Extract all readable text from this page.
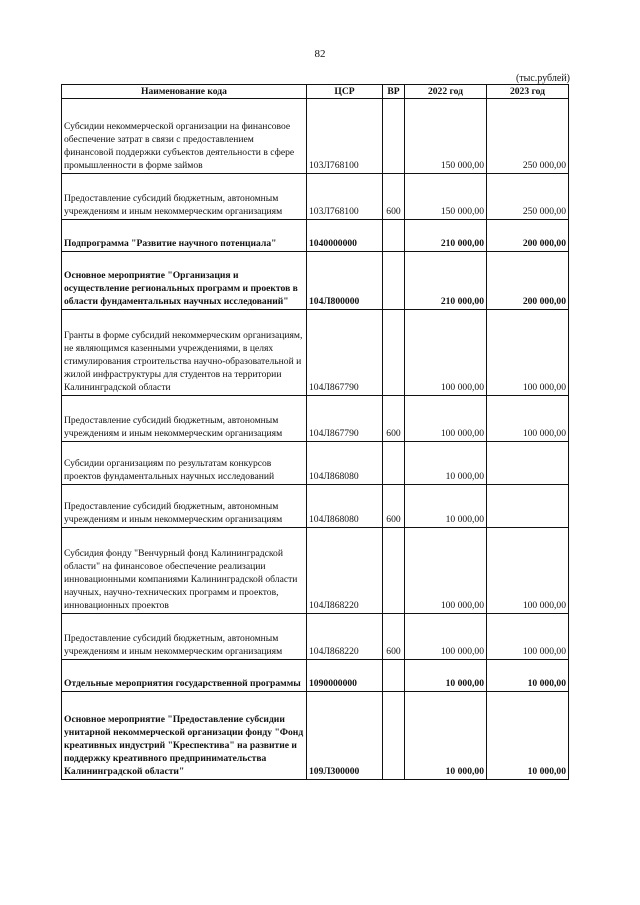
82
(тыс.рублей)
Наименование кода	ЦСР	ВР	2022 год	2023 год
Субсидии некоммерческой организации на финансовое обеспечение затрат в связи с предоставлением финансовой поддержки субъектов деятельности в сфере промышленности в форме займов	103Л768100		150 000,00	250 000,00
Предоставление субсидий бюджетным, автономным учреждениям и иным некоммерческим организациям	103Л768100	600	150 000,00	250 000,00
Подпрограмма "Развитие научного потенциала"	1040000000		210 000,00	200 000,00
Основное мероприятие "Организация и осуществление региональных программ и проектов в области фундаментальных научных исследований"	104Л800000		210 000,00	200 000,00
Гранты в форме субсидий некоммерческим организациям, не являющимся казенными учреждениями, в целях стимулирования строительства научно-образовательной и жилой инфраструктуры для студентов на территории Калининградской области	104Л867790		100 000,00	100 000,00
Предоставление субсидий бюджетным, автономным учреждениям и иным некоммерческим организациям	104Л867790	600	100 000,00	100 000,00
Субсидии организациям по результатам конкурсов проектов фундаментальных научных исследований	104Л868080		10 000,00	
Предоставление субсидий бюджетным, автономным учреждениям и иным некоммерческим организациям	104Л868080	600	10 000,00	
Субсидия фонду "Венчурный фонд Калининградской области" на финансовое обеспечение реализации инновационными компаниями Калининградской области научных, научно-технических программ и проектов, инновационных проектов	104Л868220		100 000,00	100 000,00
Предоставление субсидий бюджетным, автономным учреждениям и иным некоммерческим организациям	104Л868220	600	100 000,00	100 000,00
Отдельные мероприятия государственной программы	1090000000		10 000,00	10 000,00
Основное мероприятие "Предоставление субсидии унитарной некоммерческой организации фонду "Фонд креативных индустрий "Креспектива" на развитие и поддержку креативного предпринимательства Калининградской области"	109Л300000		10 000,00	10 000,00
